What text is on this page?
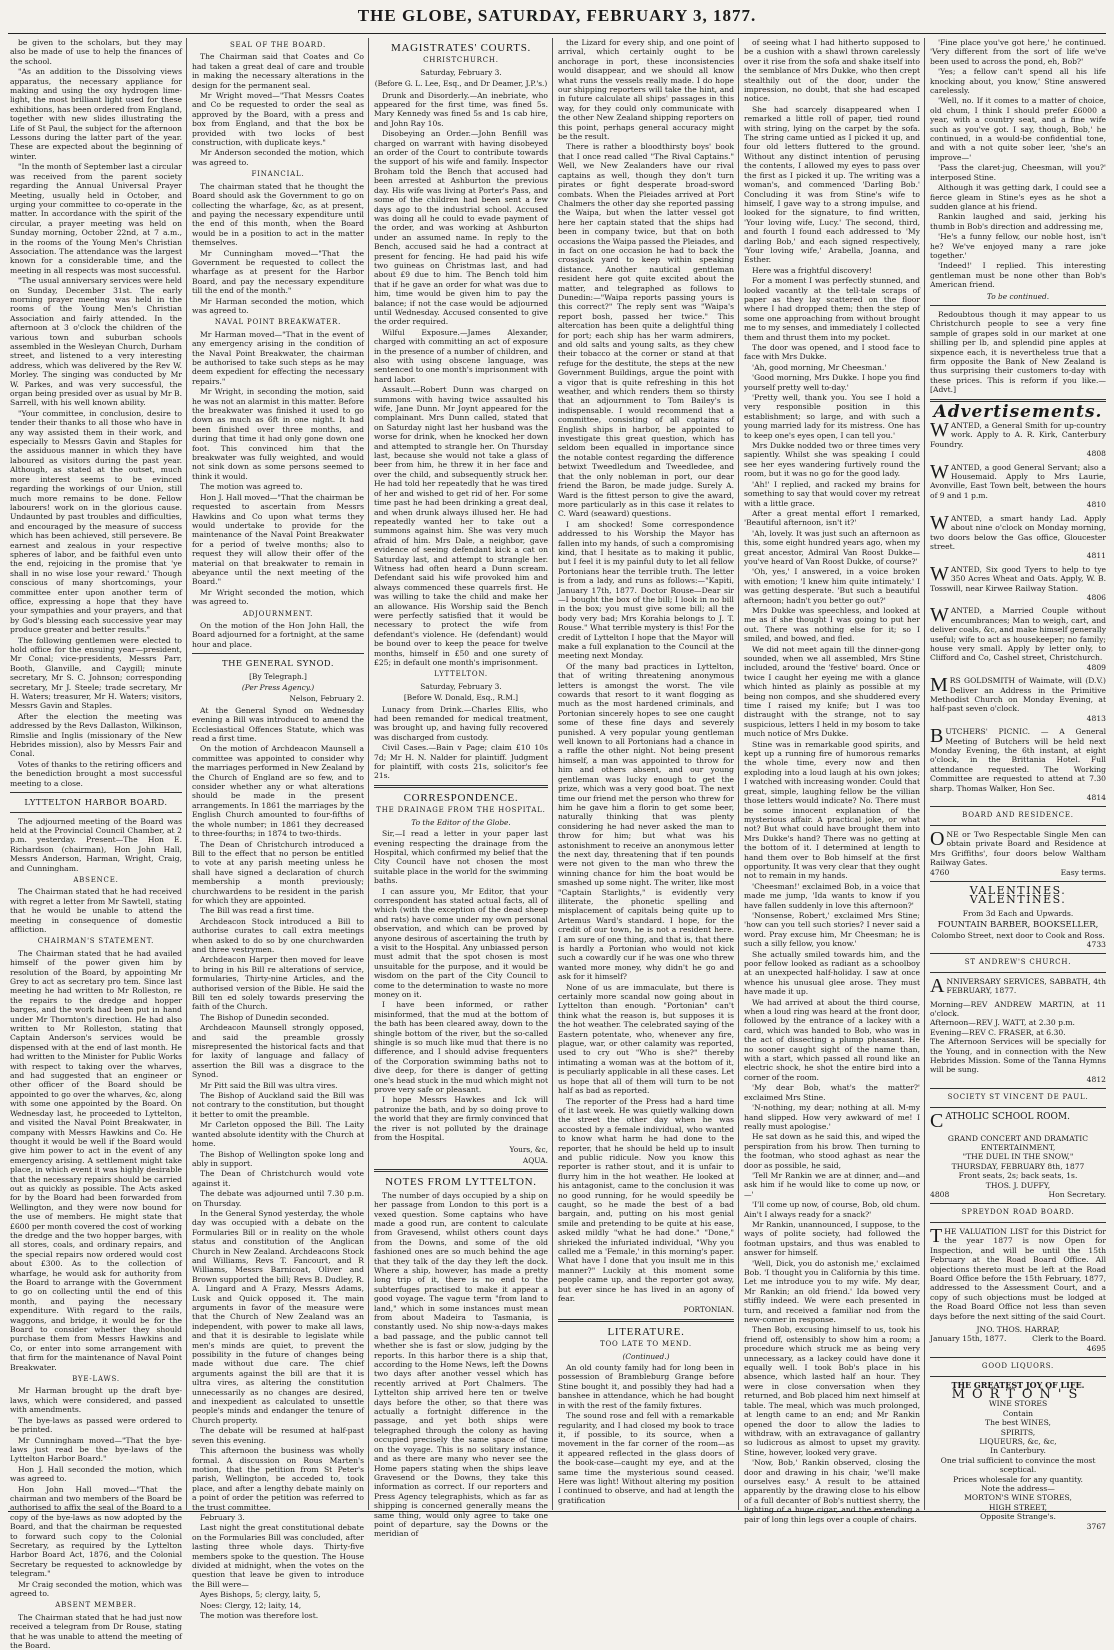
THE GLOBE, SATURDAY, FEBRUARY 3, 1877.

be given to the scholars, but they may also be made of use to help the finances of the school.

"As an addition to the Dissolving views apparatus, the necessary appliance for making and using the oxy hydrogen lime-light, the most brilliant light used for these exhibitions, has been ordered from England, together with new slides illustrating the Life of St Paul, the subject for the afternoon Lessons during the latter part of the year. These are expected about the beginning of winter.

"In the month of September last a circular was received from the parent society regarding the Annual Universal Prayer Meeting, usually held in October, and urging your committee to co-operate in the matter. In accordance with the spirit of the circular, a prayer meeting was held on Sunday morning, October 22nd, at 7 a.m., in the rooms of the Young Men's Christian Association. The attendance was the largest known for a considerable time, and the meeting in all respects was most successful.

"The usual anniversary services were held on Sunday, December 31st. The early morning prayer meeting was held in the rooms of the Young Men's Christian Association and fairly attended. In the afternoon at 3 o'clock the children of the various town and suburban schools assembled in the Wesleyan Church, Durham street, and listened to a very interesting address, which was delivered by the Rev W. Morley. The singing was conducted by Mr W. Parkes, and was very successful, the organ being presided over as usual by Mr B. Sarrell, with his well known ability.

"Your committee, in conclusion, desire to tender their thanks to all those who have in any way assisted them in their work, and especially to Messrs Gavin and Staples for the assiduous manner in which they have laboured as visitors during the past year. Although, as stated at the outset, much more interest seems to be evinced regarding the workings of our Union, still much more remains to be done. Fellow labourers! work on in the glorious cause. Undaunted by past troubles and difficulties, and encouraged by the measure of success which has been achieved, still persevere. Be earnest and zealous in your respective spheres of labor, and be faithful even unto the end, rejoicing in the promise that 'ye shall in no wise lose your reward.' Though conscious of many shortcomings, your committee enter upon another term of office, expressing a hope that they have your sympathies and your prayers, and that by God's blessing each successive year may produce greater and better results."

The following gentlemen were elected to hold office for the ensuing year—president, Mr Conal; vice-presidents, Messrs Parr, Booth, Glanville, and Caygill; minute secretary, Mr S. C. Johnson; corresponding secretary, Mr J. Steele; trade secretary, Mr H. Waters; treasurer, Mr H. Waters; visitors, Messrs Gavin and Staples.

After the election the meeting was addressed by the Revs Dallaston, Wilkinson, Rimslie and Inglis (missionary of the New Hebrides mission), also by Messrs Fair and Conal.

Votes of thanks to the retiring officers and the benediction brought a most successful meeting to a close.

LYTTELTON HARBOR BOARD.

The adjourned meeting of the Board was held at the Provincial Council Chamber, at 2 p.m. yesterday. Present—The Hon E. Richardson (chairman), Hon John Hall, Messrs Anderson, Harman, Wright, Craig, and Cunningham.

ABSENCE.

The Chairman stated that he had received with regret a letter from Mr Sawtell, stating that he would be unable to attend the meeting in consequence of domestic affliction.

CHAIRMAN'S STATEMENT.

The Chairman stated that he had availed himself of the power given him by resolution of the Board, by appointing Mr Grey to act as secretary pro tem. Since last meeting he had written to Mr Rolleston, re the repairs to the dredge and hopper barges, and the work had been put in hand under Mr Thornton's direction. He had also written to Mr Rolleston, stating that Captain Anderson's services would be dispensed with at the end of last month. He had written to the Minister for Public Works with respect to taking over the wharves, and had suggested that an engineer or other officer of the Board should be appointed to go over the wharves, &c, along with some one appointed by the Board. On Wednesday last, he proceeded to Lyttelton, and visited the Naval Point Breakwater, in company with Messrs Hawkins and Co. He thought it would be well if the Board would give him power to act in the event of any emergency arising. A settlement might take place, in which event it was highly desirable that the necessary repairs should be carried out as quickly as possible. The Acts asked for by the Board had been forwarded from Wellington, and they were now bound for the use of members. He might state that £600 per month covered the cost of working the dredge and the two hopper barges, with all stores, coals, and ordinary repairs, and the special repairs now ordered would cost about £300. As to the collection of wharfage, he would ask for authority from the Board to arrange with the Government to go on collecting until the end of this month, and paying the necessary expenditure. With regard to the rails, waggons, and bridge, it would be for the Board to consider whether they should purchase them from Messrs Hawkins and Co, or enter into some arrangement with that firm for the maintenance of Naval Point Breakwater.

BYE-LAWS.

Mr Harman brought up the draft bye-laws, which were considered, and passed with amendments.

The bye-laws as passed were ordered to be printed.

Mr Cunningham moved—"That the bye-laws just read be the bye-laws of the Lyttelton Harbor Board."

Hon J. Hall seconded the motion, which was agreed to.

Hon John Hall moved—"That the chairman and two members of the Board be authorised to affix the seal of the Board to a copy of the bye-laws as now adopted by the Board, and that the chairman be requested to forward such copy to the Colonial Secretary, as required by the Lyttelton Harbor Board Act, 1876, and the Colonial Secretary be requested to acknowledge by telegram."

Mr Craig seconded the motion, which was agreed to.

ABSENT MEMBER.

The Chairman stated that he had just now received a telegram from Dr Rouse, stating that he was unable to attend the meeting of the Board.

SEAL OF THE BOARD.

The Chairman said that Coates and Co had taken a great deal of care and trouble in making the necessary alterations in the design for the permanent seal.

Mr Wright moved—"That Messrs Coates and Co be requested to order the seal as approved by the Board, with a press and box from England, and that the box be provided with two locks of best construction, with duplicate keys."

Mr Anderson seconded the motion, which was agreed to.

FINANCIAL.

The chairman stated that he thought the Board should ask the Government to go on collecting the wharfage, &c, as at present, and paying the necessary expenditure until the end of this month, when the Board would be in a position to act in the matter themselves.

Mr Cunningham moved—"That the Government be requested to collect the wharfage as at present for the Harbor Board, and pay the necessary expenditure till the end of the month."

Mr Harman seconded the motion, which was agreed to.

NAVAL POINT BREAKWATER.

Mr Harman moved—"That in the event of any emergency arising in the condition of the Naval Point Breakwater, the chairman be authorised to take such steps as he may deem expedient for effecting the necessary repairs."

Mr Wright, in seconding the motion, said he was not an alarmist in this matter. Before the breakwater was finished it used to go down as much as 6ft in one night. It had been finished over three months, and during that time it had only gone down one foot. This convinced him that the breakwater was fully weighted, and would not sink down as some persons seemed to think it would.

The motion was agreed to.

Hon J. Hall moved—"That the chairman be requested to ascertain from Messrs Hawkins and Co upon what terms they would undertake to provide for the maintenance of the Naval Point Breakwater for a period of twelve months; also to request they will allow their offer of the material on that breakwater to remain in abeyance until the next meeting of the Board."

Mr Wright seconded the motion, which was agreed to.

ADJOURNMENT.

On the motion of the Hon John Hall, the Board adjourned for a fortnight, at the same hour and place.

THE GENERAL SYNOD.
[By Telegraph.]
(Per Press Agency.)
Nelson, February 2.

At the General Synod on Wednesday evening a Bill was introduced to amend the Ecclesiastical Offences Statute, which was read a first time.

On the motion of Archdeacon Maunsell a committee was appointed to consider why the marriages performed in New Zealand by the Church of England are so few, and to consider whether any or what alterations should be made in the present arrangements. In 1861 the marriages by the English Church amounted to four-fifths of the whole number; in 1861 they decreased to three-fourths; in 1874 to two-thirds.

The Dean of Christchurch introduced a Bill to the effect that no person be entitled to vote at any parish meeting unless he shall have signed a declaration of church membership a month previously; churchwardens to be resident in the parish for which they are appointed.

The Bill was read a first time.

Archdeacon Stock introduced a Bill to authorise curates to call extra meetings when asked to do so by one churchwarden and three vestrymen.

Archdeacon Harper then moved for leave to bring in his Bill re alterations of service, formularies, Thirty-nine Articles, and the authorised version of the Bible. He said the Bill ten ed solely towards preserving the faith of the Church.

The Bishop of Dunedin seconded.

Archdeacon Maunsell strongly opposed, and said the preamble grossly misrepresented the historical facts and that for laxity of language and fallacy of assertion the Bill was a disgrace to the Synod.

Mr Pitt said the Bill was ultra vires.

The Bishop of Auckland said the Bill was not contrary to the constitution, but thought it better to omit the preamble.

Mr Carleton opposed the Bill. The Laity wanted absolute identity with the Church at home.

The Bishop of Wellington spoke long and ably in support.

The Dean of Christchurch would vote against it.

The debate was adjourned until 7.30 p.m. on Thursday.

In the General Synod yesterday, the whole day was occupied with a debate on the Formularies Bill or in reality on the whole status and constitution of the Anglican Church in New Zealand. Archdeacons Stock and Williams, Revs T. Fancourt, and R Williams, Messrs Barnicoat, Oliver and Brown supported the bill; Revs B. Dudley, R. A. Lingard and A Frazy, Messrs Adams, Lusk and Quick opposed it. The main arguments in favor of the measure were that the Church of New Zealand was an independent, with power to make all laws, and that it is desirable to legislate while men's minds are quiet, to prevent the possibility in the future of changes being made without due care. The chief arguments against the bill are that it is ultra vires, as altering the constitution unnecessarily as no changes are desired, and inexpedient as calculated to unsettle people's minds and endanger the tenure of Church property.

The debate will be resumed at half-past seven this evening.

This afternoon the business was wholly formal. A discussion on Rous Marten's motion, that the petition from St Peter's parish, Wellington, be acceded to, took place, and after a lengthy debate mainly on a point of order the petition was referred to the trust committee.

February 3.

Last night the great constitutional debate on the Formularies Bill was concluded, after lasting three whole days. Thirty-five members spoke to the question. The House divided at midnight, when the votes on the question that leave be given to introduce the Bill were—

Ayes Bishops, 5; clergy, laity, 5,

Noes: Clergy, 12; laity, 14,

The motion was therefore lost.

MAGISTRATES' COURTS.
CHRISTCHURCH.
Saturday, February 3.
(Before G. L. Lee, Esq., and Dr Deamer, J.P.'s.)

Drunk and Disorderly.—An inebriate, who appeared for the first time, was fined 5s. Mary Kennedy was fined 5s and 1s cab hire, and John Ray 10s.

Disobeying an Order.—John Benfill was charged on warrant with having disobeyed an order of the Court to contribute towards the support of his wife and family. Inspector Broham told the Bench that accused had been arrested at Ashburton the previous day. His wife was living at Porter's Pass, and some of the children had been sent a few days ago to the industrial school. Accused was doing all he could to evade payment of the order, and was working at Ashburton under an assumed name. In reply to the Bench, accused said he had a contract at present for fencing. He had paid his wife two guineas on Christmas last, and had about £9 due to him. The Bench told him that if he gave an order for what was due to him, time would be given him to pay the balance; if not the case would be adjourned until Wednesday. Accused consented to give the order required.

Wilful Exposure.—James Alexander, charged with committing an act of exposure in the presence of a number of children, and also with using obscene language, was sentenced to one month's imprisonment with hard labor.

Assault.—Robert Dunn was charged on summons with having twice assaulted his wife, Jane Dunn. Mr Joynt appeared for the complainant. Mrs Dunn called, stated that on Saturday night last her husband was the worse for drink, when he knocked her down and attempted to strangle her. On Thursday last, because she would not take a glass of beer from him, he threw it in her face and over the child, and subsequently struck her. He had told her repeatedly that he was tired of her and wished to get rid of her. For some time past he had been drinking a great deal, and when drunk always illused her. He had repeatedly wanted her to take out a summons against him. She was very much afraid of him. Mrs Dale, a neighbor, gave evidence of seeing defendant kick a cat on Saturday last, and attempt to strangle her. Witness had often heard a Dunn scream. Defendant said his wife provoked him and always commenced these quarrels first. He was willing to take the child and make her an allowance. His Worship said the Bench were perfectly satisfied that it would be necessary to protect the wife from defendant's violence. He (defendant) would be bound over to keep the peace for twelve months, himself in £50 and one surety of £25; in default one month's imprisonment.

LYTTELTON.
Saturday, February 3.
[Before W. Donald, Esq., R.M.]

Lunacy from Drink.—Charles Ellis, who had been remanded for medical treatment, was brought up, and having fully recovered was discharged from custody.

Civil Cases.—Bain v Page; claim £10 10s 7d; Mr H. N. Nalder for plaintiff. Judgment for plaintiff, with costs 21s, solicitor's fee 21s.

CORRESPONDENCE.
THE DRAINAGE FROM THE HOSPITAL.
To the Editor of the Globe.

Sir,—I read a letter in your paper last evening respecting the drainage from the Hospital, which confirmed my belief that the City Council have not chosen the most suitable place in the world for the swimming baths.

I can assure you, Mr Editor, that your correspondent has stated actual facts, all of which (with the exception of the dead sheep and rats) have come under my own personal observation, and which can be proved by anyone desirous of ascertaining the truth by a visit to the Hospital. Any unbiassed person must admit that the spot chosen is most unsuitable for the purpose, and it would be wisdom on the part of the City Council to come to the determination to waste no more money on it.

I have been informed, or rather misinformed, that the mud at the bottom of the bath has been cleared away, down to the shingle bottom of the river, but the so-called shingle is so much like mud that there is no difference, and I should advise frequenters of the Corporation swimming baths not to dive deep, for there is danger of getting one's head stuck in the mud which might not prove very safe or pleasant.

I hope Messrs Hawkes and Ick will patronize the bath, and by so doing prove to the world that they are firmly convinced that the river is not polluted by the drainage from the Hospital.

Yours, &c,
AQUA.
NOTES FROM LYTTELTON.

The number of days occupied by a ship on her passage from London to this port is a vexed question. Some captains who have made a good run, are content to calculate from Gravesend, whilst others count days from the Downs, and some of the old fashioned ones are so much behind the age that they talk of the day they left the dock. Where a ship, however, has made a pretty long trip of it, there is no end to the subterfuges practised to make it appear a good voyage. The vague term "from land to land," which in some instances must mean from about Madeira to Tasmania, is constantly used. No ship now-a-days makes a bad passage, and the public cannot tell whether she is fast or slow, judging by the reports. In this harbor there is a ship that, according to the Home News, left the Downs two days after another vessel which has recently arrived at Port Chalmers. The Lyttelton ship arrived here ten or twelve days before the other, so that there was actually a fortnight difference in the passage, and yet both ships were telegraphed through the colony as having occupied precisely the same space of time on the voyage. This is no solitary instance, and as there are many who never see the Home papers stating when the ships leave Gravesend or the Downs, they take this information as correct. If our reporters and Press Agency telegraphists, which as far as shipping is concerned generally means the same thing, would only agree to take one point of departure, say the Downs or the meridian of

the Lizard for every ship, and one point of arrival, which certainly ought to be anchorage in port, these inconsistencies would disappear, and we should all know what runs the vessels really made. I do hope our shipping reporters will take the hint, and in future calculate all ships' passages in this way, for they could only communicate with the other New Zealand shipping reporters on this point, perhaps general accuracy might be the result.

There is rather a bloodthirsty boys' book that I once read called "The Rival Captains." Well, we New Zealanders have our rival captains as well, though they don't turn pirates or fight desperate broad-sword combats. When the Pleiades arrived at Port Chalmers the other day she reported passing the Waipa, but when the latter vessel got here her captain stated that the ships had been in company twice, but that on both occasions the Waipa passed the Pleiades, and in fact on one occasion he had to back the crossjack yard to keep within speaking distance. Another nautical gentleman resident here got quite excited about the matter, and telegraphed as follows to Dunedin:—"Waipa reports passing yours is this correct?" The reply sent was "Waipa's report bosh, passed her twice." This altercation has been quite a delightful thing for port; each ship has her warm admirers, and old salts and young salts, as they chew their tobacco at the corner or stand at that refuge for the destitute, the steps at the new Government Buildings, argue the point with a vigor that is quite refreshing in this hot weather, and which renders them so thirsty that an adjournment to Tom Bailey's is indispensable. I would recommend that a committee, consisting of all captains of English ships in harbor, be appointed to investigate this great question, which has seldom been equalled in importance since the notable contest regarding the difference betwixt Tweedledum and Tweedledee, and that the only nobleman in port, our dear friend the Baron, be made judge. Surely A. Ward is the fittest person to give the award, more particularly as in this case it relates to C. Ward (seaward) questions.

I am shocked! Some correspondence addressed to his Worship the Mayor has fallen into my hands, of such a compromising kind, that I hesitate as to making it public, but I feel it is my painful duty to let all fellow Portonians hear the terrible truth. The letter is from a lady, and runs as follows:—"Kapiti, January 17th, 1877. Doctor Rouse—Dear sir—I bought the box of the bill; I look in no bill in the box; you must give some bill; all the body very bad; Mrs Korahia belongs to J. T. Rouse." What terrible mystery is this! For the credit of Lyttelton I hope that the Mayor will make a full explanation to the Council at the meeting next Monday.

Of the many bad practices in Lyttelton, that of writing threatening anonymous letters is amongst the worst. The vile cowards that resort to it want flogging as much as the most hardened criminals, and Portonian sincerely hopes to see one caught some of these fine days and severely punished. A very popular young gentleman well known to all Portonians had a chance in a raffle the other night. Not being present himself, a man was appointed to throw for him and others absent, and our young gentleman was lucky enough to get the prize, which was a very good boat. The next time our friend met the person who threw for him he gave him a florin to get some beer, naturally thinking that was plenty considering he had never asked the man to throw for him; but what was his astonishment to receive an anonymous letter the next day, threatening that if ten pounds were not given to the man who threw the winning chance for him the boat would be smashed up some night. The writer, like most "Captain Starlights," is evidently very illiterate, the phonetic spelling and misplacement of capitals being quite up to Artemus Ward's standard. I hope, for the credit of our town, he is not a resident here. I am sure of one thing, and that is, that there is hardly a Portonian who would not kick such a cowardly cur if he was one who threw wanted more money, why didn't he go and ask for it himself?

None of us are immaculate, but there is certainly more scandal now going about in Lyttelton than enough. "Portonian" can't think what the reason is, but supposes it is the hot weather. The celebrated saying of the Eastern potentate, who, whenever any fire, plague, war, or other calamity was reported, used to cry out "Who is she?" thereby intimating a woman was at the bottom of it, is peculiarly applicable in all these cases. Let us hope that all of them will turn to be not half as bad as reported.

The reporter of the Press had a hard time of it last week. He was quietly walking down the street the other day when he was accosted by a female individual, who wanted to know what harm he had done to the reporter, that he should be held up to insult and public ridicule. Now you know this reporter is rather stout, and it is unfair to flurry him in the hot weather. He looked at his antagonist, came to the conclusion it was no good running, for he would speedily be caught, so he made the best of a bad bargain, and, putting on his most genial smile and pretending to be quite at his ease, asked mildly "what he had done." "Done," shrieked the infuriated individual, "Why you called me a 'Female,' in this morning's paper. What have I done that you insult me in this manner?" Luckily at this moment some people came up, and the reporter got away, but ever since he has lived in an agony of fear.

PORTONIAN.
LITERATURE.
TOO LATE TO MEND.
(Continued.)

An old county family had for long been in possession of Brambleburg Grange before Stine bought it, and possibly they had had a banshee in attendance, which he had bought in with the rest of the family fixtures.

The sound rose and fell with a remarkable regularity, and I had closed my book to trace it, if possible, to its source, when a movement in the far corner of the room—as it appeared reflected in the glass doors of the book-case—caught my eye, and at the same time the mysterious sound ceased. Here was light! Without altering my position I continued to observe, and had at length the gratification

of seeing what I had hitherto supposed to be a cushion with a shawl thrown carelessly over it rise from the sofa and shake itself into the semblance of Mrs Dukke, who then crept stealthily out of the door, under the impression, no doubt, that she had escaped notice.

She had scarcely disappeared when I remarked a little roll of paper, tied round with string, lying on the carpet by the sofa. The string came untied as I picked it up, and four old letters fluttered to the ground. Without any distinct intention of perusing the contents, I allowed my eyes to pass over the first as I picked it up. The writing was a woman's, and commenced 'Darling Bob.' Concluding it was from Stine's wife to himself, I gave way to a strong impulse, and looked for the signature, to find written, 'Your loving wife, Lucy.' The second, third, and fourth I found each addressed to 'My darling Bob,' and each signed respectively, 'Your loving wife,' Arabella, Joanna, and Esther.

Here was a frightful discovery!

For a moment I was perfectly stunned, and looked vacantly at the tell-tale scraps of paper as they lay scattered on the floor where I had dropped them; then the step of some one approaching from without brought me to my senses, and immediately I collected them and thrust them into my pocket.

The door was opened, and I stood face to face with Mrs Dukke.

'Ah, good morning, Mr Cheesman.'

'Good morning, Mrs Dukke. I hope you find yourself pretty well to-day.'

'Pretty well, thank you. You see I hold a very responsible position in this establishment; so large, and with such a young married lady for its mistress. One has to keep one's eyes open, I can tell you.'

Mrs Dukke nodded two or three times very sapiently. Whilst she was speaking I could see her eyes wandering furtively round the room, but it was no go for the good lady.

'Ah!' I replied, and racked my brains for something to say that would cover my retreat with a little grace.

After a great mental effort I remarked, 'Beautiful afternoon, isn't it?'

'Ah, lovely. It was just such an afternoon as this, some eight hundred years ago, when my great ancestor, Admiral Van Roost Dukke—you've heard of Van Roost Dukke, of course?'

'Oh, yes,' I answered, in a voice broken with emotion; 'I knew him quite intimately.' I was getting desperate. 'But such a beautiful afternoon; hadn't you better go out?'

Mrs Dukke was speechless, and looked at me as if she thought I was going to put her out. There was nothing else for it; so I smiled, and bowed, and fled.

We did not meet again till the dinner-gong sounded, when we all assembled, Mrs Stine included, around the 'festive' board. Once or twice I caught her eyeing me with a glance which hinted as plainly as possible at my being non compos, and she shuddered every time I raised my knife; but I was too distraught with the strange, not to say suspicious, letters I held in my bosom to take much notice of Mrs Dukke.

Stine was in remarkable good spirits, and kept up a running fire of humorous remarks the whole time, every now and then exploding into a loud laugh at his own jokes; I watched with increasing wonder. Could that great, simple, laughing fellow be the villian those letters would indicate? No. There must be some innocent explanation of the mysterious affair. A practical joke, or what not? But what could have brought them into Mrs Dukke's hand? There was no getting at the bottom of it. I determined at length to hand them over to Bob himself at the first opportunity. It was very clear that they ought not to remain in my hands.

'Cheesman!' exclaimed Bob, in a voice that made me jump, 'Ida wants to know if you have fallen suddenly in love this afternoon?'

'Nonsense, Robert,' exclaimed Mrs Stine; 'how can you tell such stories? I never said a word. Pray excuse him, Mr Cheesman; he is such a silly fellow, you know.'

She actually smiled towards him, and the poor fellow looked as radiant as a schoolboy at an unexpected half-holiday. I saw at once whence his unusual glee arose. They must have made it up.

We had arrived at about the third course, when a loud ring was heard at the front door, followed by the entrance of a lackey with a card, which was handed to Bob, who was in the act of dissecting a plump pheasant. He no sooner caught sight of the name than, with a start, which passed all round like an electric shock, he shot the entire bird into a corner of the room.

'My dear Bob, what's the matter?' exclaimed Mrs Stine.

'N-nothing, my dear; nothing at all. M-my hand slipped. How very awkward of me! I really must apologise.'

He sat down as he said this, and wiped the perspiration from his brow. Then turning to the footman, who stood aghast as near the door as possible, he said,

'Tell Mr Rankin we are at dinner, and—and ask him if he would like to come up now, or—'

'I'll come up now, of course, Bob, old chum. Ain't I always ready for a snack?'

Mr Rankin, unannounced, I suppose, to the ways of polite society, had followed the footman upstairs, and thus was enabled to answer for himself.

'Well, Dick, you do astonish me,' exclaimed Bob. 'I thought you in California by this time. Let me introduce you to my wife. My dear, Mr Rankin; an old friend.' Ida bowed very stiffly indeed. We were each presented in turn, and received a familiar nod from the new-comer in response.

Then Bob, excusing himself to us, took his friend off, ostensibly to show him a room; a procedure which struck me as being very unnecessary, as a lackey could have done it equally well. I took Bob's place in his absence, which lasted half an hour. They were in close conversation when they returned, and Bob placed him next himself at table. The meal, which was much prolonged, at length came to an end; and Mr Rankin opened the door to allow the ladies to withdraw, with an extravagance of gallantry so ludicrous as almost to upset my gravity. Stine, however, looked very grave.

'Now, Bob,' Rankin observed, closing the door and drawing in his chair, 'we'll make ourselves easy.' A result to be attained apparently by the drawing close to his elbow of a full decanter of Bob's nuttiest sherry, the lighting of a huge cigar, and the extending a pair of long thin legs over a couple of chairs.

'Fine place you've got here,' he continued. 'Very different from the sort of life we've been used to across the pond, eh, Bob?'

'Yes; a fellow can't spend all his life knocking about, you know,' Stine answered carelessly.

'Well, no. If it comes to a matter of choice, old chum, I think I should prefer £6000 a year, with a country seat, and a fine wife such as you've got. I say, though, Bob,' he continued, in a would-be confidential tone, and with a not quite sober leer, 'she's an improve—'

'Pass the claret-jug, Cheesman, will you?' interposed Stine.

Although it was getting dark, I could see a fierce gleam in Stine's eyes as he shot a sudden glance at his friend.

Rankin laughed and said, jerking his thumb in Bob's direction and addressing me,

'He's a funny fellow, our noble host, isn't he? We've enjoyed many a rare joke together.'

'Indeed!' I replied. This interesting gentleman must be none other than Bob's American friend.

To be continued.

Redoubtous though it may appear to us Christchurch people to see a very fine sample of grapes sold in our market at one shilling per lb, and splendid pine apples at sixpence each, it is nevertheless true that a firm opposite the Bank of New Zealand is thus surprising their customers to-day with these prices. This is reform if you like.—[Advt.]

Advertisements.
WANTED, a General Smith for up-country work. Apply to A. R. Kirk, Canterbury Foundry.
4808
WANTED, a good General Servant; also a Housemaid. Apply to Mrs Laurie, Avonville, East Town belt, between the hours of 9 and 1 p.m.
4810
WANTED, a smart handy Lad. Apply about nine o'clock on Monday morning, two doors below the Gas office, Gloucester street.
4811
WANTED, Six good Tyers to help to tye 350 Acres Wheat and Oats. Apply, W. B. Tosswill, near Kirwee Railway Station.
4806
WANTED, a Married Couple without encumbrances; Man to weigh, cart, and deliver coals, &c, and make himself generally useful; wife to act as housekeeper; no family; house very small. Apply by letter only, to Clifford and Co, Cashel street, Christchurch.
4809
MRS GOLDSMITH of Waimate, will (D.V.) Deliver an Address in the Primitive Methodist Church on Monday Evening, at half-past seven o'clock.
4813
BUTCHERS' PICNIC. — A General Meeting of Butchers will be held next Monday Evening, the 6th instant, at eight o'clock, in the Brittania Hotel. Full attendance requested. The Working Committee are requested to attend at 7.30 sharp. Thomas Walker, Hon Sec.
4814
BOARD AND RESIDENCE.
ONE or Two Respectable Single Men can obtain private Board and Residence at Mrs Griffiths', four doors below Waltham Railway Gates.
4760	Easy terms.
VALENTINES. VALENTINES.
From 3d Each and Upwards.
FOUNTAIN BARBER, BOOKSELLER,
Colombo Street, next door to Cook and Ross.
4733
ST ANDREW'S CHURCH.
ANNIVERSARY SERVICES, SABBATH, 4th FEBRUARY, 1877.
Morning—REV ANDREW MARTIN, at 11 o'clock.
Afternoon—REV J. WATT, at 2.30 p.m.
Evening—REV C. FRASER, at 6.30.
The Afternoon Services will be specially for the Young, and in connection with the New Hebrides Mission. Some of the Tanna Hymns will be sung.
4812
SOCIETY ST VINCENT DE PAUL.
CATHOLIC SCHOOL ROOM.
GRAND CONCERT AND DRAMATIC ENTERTAINMENT,
"THE DUEL IN THE SNOW,"
THURSDAY, FEBRUARY 8th, 1877
Front seats, 2s; back seats, 1s.
THOS. J. DUFFY,
4808	Hon Secretary.
SPREYDON ROAD BOARD.
THE VALUATION LIST for this District for the year 1877 is now Open for Inspection, and will be until the 15th February at the Road Board Office. All objections thereto must be left at the Road Board Office before the 15th February, 1877, addressed to the Assessment Court, and a copy of such objections must be lodged at the Road Board Office not less than seven days before the next sitting of the said Court.
JNO. THOS. HARRAP,
January 15th, 1877.	Clerk to the Board.
4695
GOOD LIQUORS.
THE GREATEST JOY OF LIFE.
MORTON'S
WINE STORES
Contain
The best WINES,
SPIRITS,
LIQUEURS, &c, &c,
In Canterbury.
One trial sufficient to convince the most sceptical.
Prices wholesale for any quantity.
Note the address—
MORTON'S WINE STORES,
HIGH STREET,
Opposite Strange's.
3767
